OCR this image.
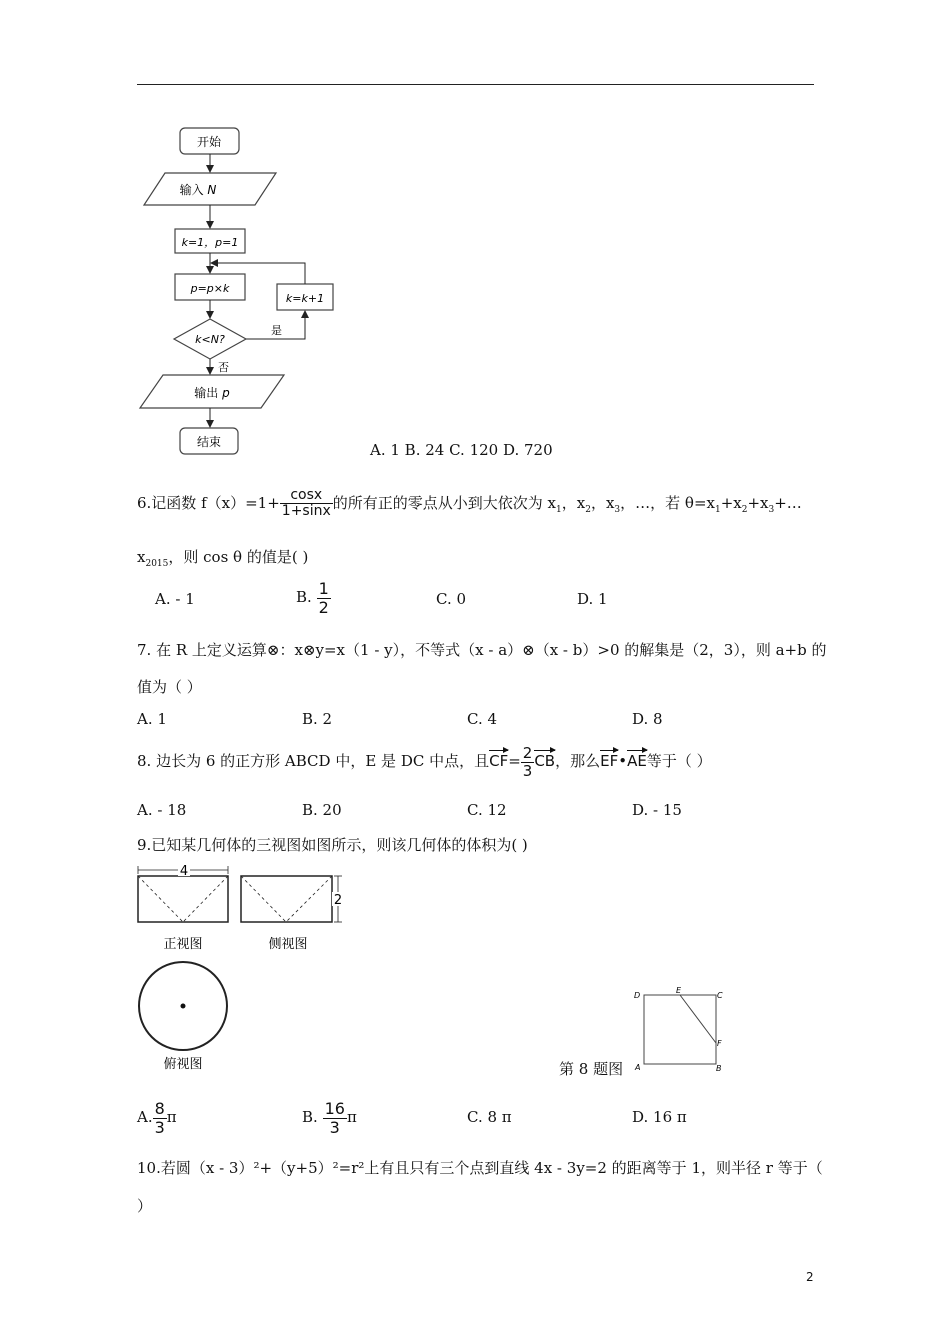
开始
输入 N
k=1，p=1
p=p×k
k=k+1
k<N?
是
否
输出 p
结束	A. 1 B. 24 C. 120 D. 720
6.记函数 $f(x)=1+ \frac{\cos x}{1+\sin x}$ 的所有正的零点从小到大依次为 $x_1$，$x_2$，$x_3$，…，若 $\theta=x_1+x_2+x_3+\dots$
$x_{2015}$，则 cos θ 的值是( )
A. - 1	B. $\frac{1}{2}$	C. 0	D. 1
7. 在 R 上定义运算⊗：x⊗y=x（1 - y），不等式（x - a）⊗（x - b）>0 的解集是（2，3），则 a+b 的
值为（ ）
A. 1	B. 2	C. 4	D. 8
8. 边长为 6 的正方形 ABCD 中，E 是 DC 中点，且$CF= \frac{2}{3}$ CB，那么EF•AE等于（ ）
A. - 18	B. 20	C. 12	D. - 15
9.已知某几何体的三视图如图所示，则该几何体的体积为( )
4
2
正视图	侧视图
俯视图
D
E
C
F
A	B
第 8 题图
A. $\frac{8}{3}$ π	B. $\frac{16}{3}$ π	C. 8 π	D. 16 π
10.若圆（x - 3）²+（y+5）²=r²上有且只有三个点到直线 4x - 3y=2 的距离等于 1，则半径 r 等于（
）
2
